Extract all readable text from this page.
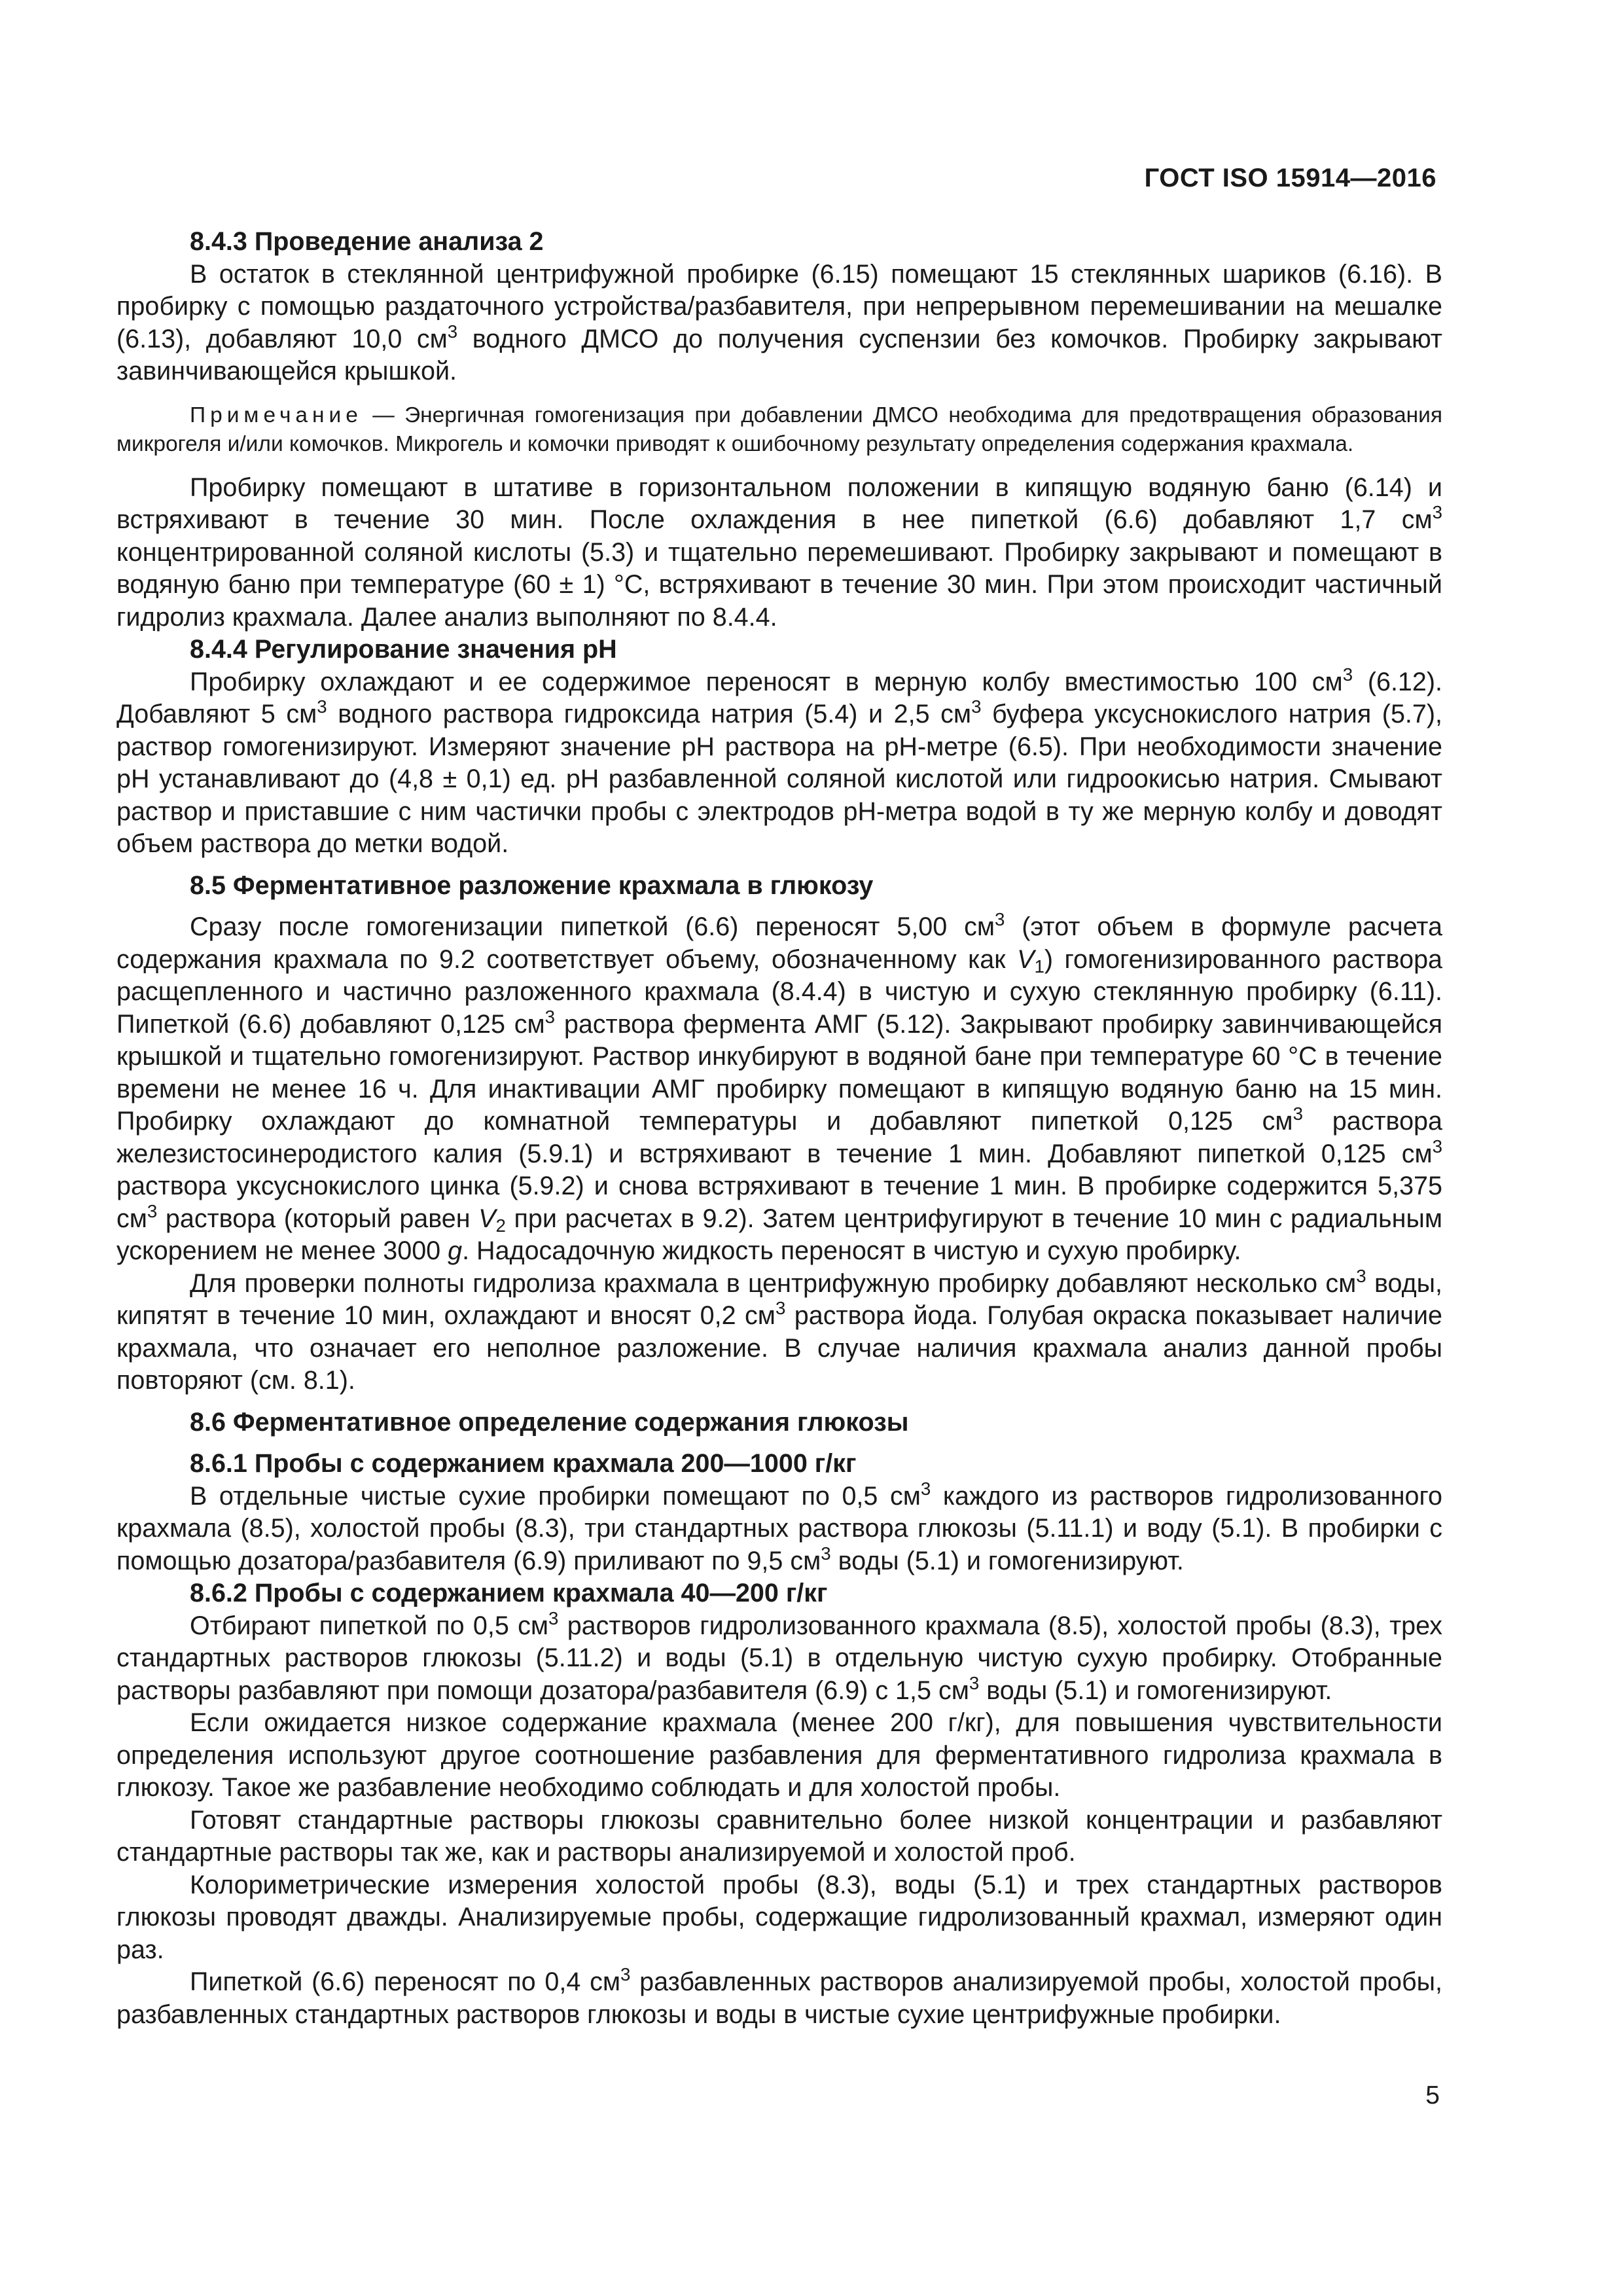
ГОСТ ISO 15914—2016
8.4.3 Проведение анализа 2

В остаток в стеклянной центрифужной пробирке (6.15) помещают 15 стеклянных шариков (6.16). В пробирку с помощью раздаточного устройства/разбавителя, при непрерывном перемешивании на мешалке (6.13), добавляют 10,0 $см^3$ водного ДМСО до получения суспензии без комочков. Пробирку закрывают завинчивающейся крышкой.

Примечание — Энергичная гомогенизация при добавлении ДМСО необходима для предотвращения образования микрогеля и/или комочков. Микрогель и комочки приводят к ошибочному результату определения содержания крахмала.

Пробирку помещают в штативе в горизонтальном положении в кипящую водяную баню (6.14) и встряхивают в течение 30 мин. После охлаждения в нее пипеткой (6.6) добавляют 1,7 $см^3$ концентрированной соляной кислоты (5.3) и тщательно перемешивают. Пробирку закрывают и помещают в водяную баню при температуре (60 ± 1) °С, встряхивают в течение 30 мин. При этом происходит частичный гидролиз крахмала. Далее анализ выполняют по 8.4.4.

8.4.4 Регулирование значения pH

Пробирку охлаждают и ее содержимое переносят в мерную колбу вместимостью 100 $см^3$ (6.12). Добавляют 5 $см^3$ водного раствора гидроксида натрия (5.4) и 2,5 $см^3$ буфера уксуснокислого натрия (5.7), раствор гомогенизируют. Измеряют значение pH раствора на pH-метре (6.5). При необходимости значение pH устанавливают до (4,8 ± 0,1) ед. pH разбавленной соляной кислотой или гидроокисью натрия. Смывают раствор и приставшие с ним частички пробы с электродов pH-метра водой в ту же мерную колбу и доводят объем раствора до метки водой.

8.5 Ферментативное разложение крахмала в глюкозу

Сразу после гомогенизации пипеткой (6.6) переносят 5,00 $см^3$ (этот объем в формуле расчета содержания крахмала по 9.2 соответствует объему, обозначенному как $V_1$) гомогенизированного раствора расщепленного и частично разложенного крахмала (8.4.4) в чистую и сухую стеклянную пробирку (6.11). Пипеткой (6.6) добавляют 0,125 $см^3$ раствора фермента АМГ (5.12). Закрывают пробирку завинчивающейся крышкой и тщательно гомогенизируют. Раствор инкубируют в водяной бане при температуре 60 °С в течение времени не менее 16 ч. Для инактивации АМГ пробирку помещают в кипящую водяную баню на 15 мин. Пробирку охлаждают до комнатной температуры и добавляют пипеткой 0,125 $см^3$ раствора железистосинеродистого калия (5.9.1) и встряхивают в течение 1 мин. Добавляют пипеткой 0,125 $см^3$ раствора уксуснокислого цинка (5.9.2) и снова встряхивают в течение 1 мин. В пробирке содержится 5,375 $см^3$ раствора (который равен $V_2$ при расчетах в 9.2). Затем центрифугируют в течение 10 мин с радиальным ускорением не менее 3000 g. Надосадочную жидкость переносят в чистую и сухую пробирку.

Для проверки полноты гидролиза крахмала в центрифужную пробирку добавляют несколько $см^3$ воды, кипятят в течение 10 мин, охлаждают и вносят 0,2 $см^3$ раствора йода. Голубая окраска показывает наличие крахмала, что означает его неполное разложение. В случае наличия крахмала анализ данной пробы повторяют (см. 8.1).

8.6 Ферментативное определение содержания глюкозы
8.6.1 Пробы с содержанием крахмала 200—1000 г/кг

В отдельные чистые сухие пробирки помещают по 0,5 $см^3$ каждого из растворов гидролизованного крахмала (8.5), холостой пробы (8.3), три стандартных раствора глюкозы (5.11.1) и воду (5.1). В пробирки с помощью дозатора/разбавителя (6.9) приливают по 9,5 $см^3$ воды (5.1) и гомогенизируют.

8.6.2 Пробы с содержанием крахмала 40—200 г/кг

Отбирают пипеткой по 0,5 $см^3$ растворов гидролизованного крахмала (8.5), холостой пробы (8.3), трех стандартных растворов глюкозы (5.11.2) и воды (5.1) в отдельную чистую сухую пробирку. Отобранные растворы разбавляют при помощи дозатора/разбавителя (6.9) с 1,5 $см^3$ воды (5.1) и гомогенизируют.

Если ожидается низкое содержание крахмала (менее 200 г/кг), для повышения чувствительности определения используют другое соотношение разбавления для ферментативного гидролиза крахмала в глюкозу. Такое же разбавление необходимо соблюдать и для холостой пробы.

Готовят стандартные растворы глюкозы сравнительно более низкой концентрации и разбавляют стандартные растворы так же, как и растворы анализируемой и холостой проб.

Колориметрические измерения холостой пробы (8.3), воды (5.1) и трех стандартных растворов глюкозы проводят дважды. Анализируемые пробы, содержащие гидролизованный крахмал, измеряют один раз.

Пипеткой (6.6) переносят по 0,4 $см^3$ разбавленных растворов анализируемой пробы, холостой пробы, разбавленных стандартных растворов глюкозы и воды в чистые сухие центрифужные пробирки.

5
